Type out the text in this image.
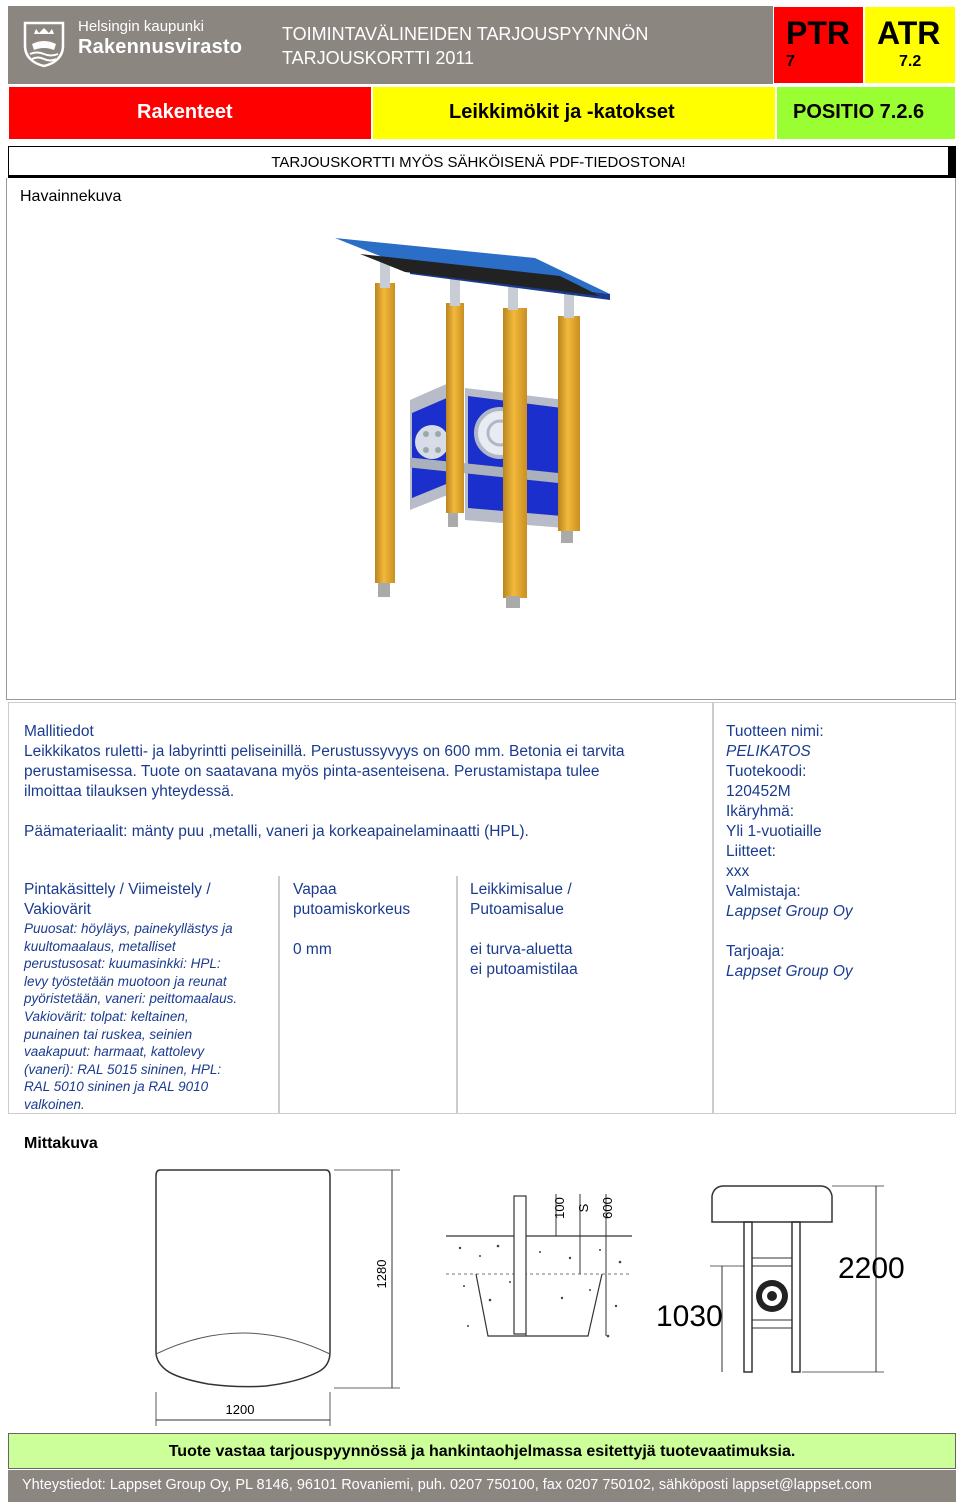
Helsingin kaupunki
Rakennusvirasto
TOIMINTAVÄLINEIDEN TARJOUSPYYNNÖN
TARJOUSKORTTI 2011
PTR
7
ATR
7.2
Rakenteet	Leikkimökit ja -katokset	POSITIO 7.2.6
TARJOUSKORTTI MYÖS SÄHKÖISENÄ PDF-TIEDOSTONA!
Havainnekuva
Mallitiedot
Leikkikatos ruletti- ja labyrintti peliseinillä. Perustussyvyys on 600 mm. Betonia ei tarvita
perustamisessa. Tuote on saatavana myös pinta-asenteisena. Perustamistapa tulee
ilmoittaa tilauksen yhteydessä.
Päämateriaalit: mänty puu ,metalli, vaneri ja korkeapainelaminaatti (HPL).
Pintakäsittely / Viimeistely /
Vakiovärit
Puuosat: höyläys, painekyllästys ja
kuultomaalaus, metalliset
perustusosat: kuumasinkki: HPL:
levy työstetään muotoon ja reunat
pyöristetään, vaneri: peittomaalaus.
Vakiovärit: tolpat: keltainen,
punainen tai ruskea, seinien
vaakapuut: harmaat, kattolevy
(vaneri): RAL 5015 sininen, HPL:
RAL 5010 sininen ja RAL 9010
valkoinen.
Vapaa
putoamiskorkeus
0 mm
Leikkimisalue /
Putoamisalue
ei turva-aluetta
ei putoamistilaa
Tuotteen nimi:
PELIKATOS
Tuotekoodi:
120452M
Ikäryhmä:
Yli 1-vuotiaille
Liitteet:
xxx
Valmistaja:
Lappset Group Oy
Tarjoaja:
Lappset Group Oy
Mittakuva
1280
1200
100 S 600
2200
1030
Tuote vastaa tarjouspyynnössä ja hankintaohjelmassa esitettyjä tuotevaatimuksia.
Yhteystiedot: Lappset Group Oy, PL 8146, 96101 Rovaniemi, puh. 0207 750100, fax 0207 750102, sähköposti lappset@lappset.com
